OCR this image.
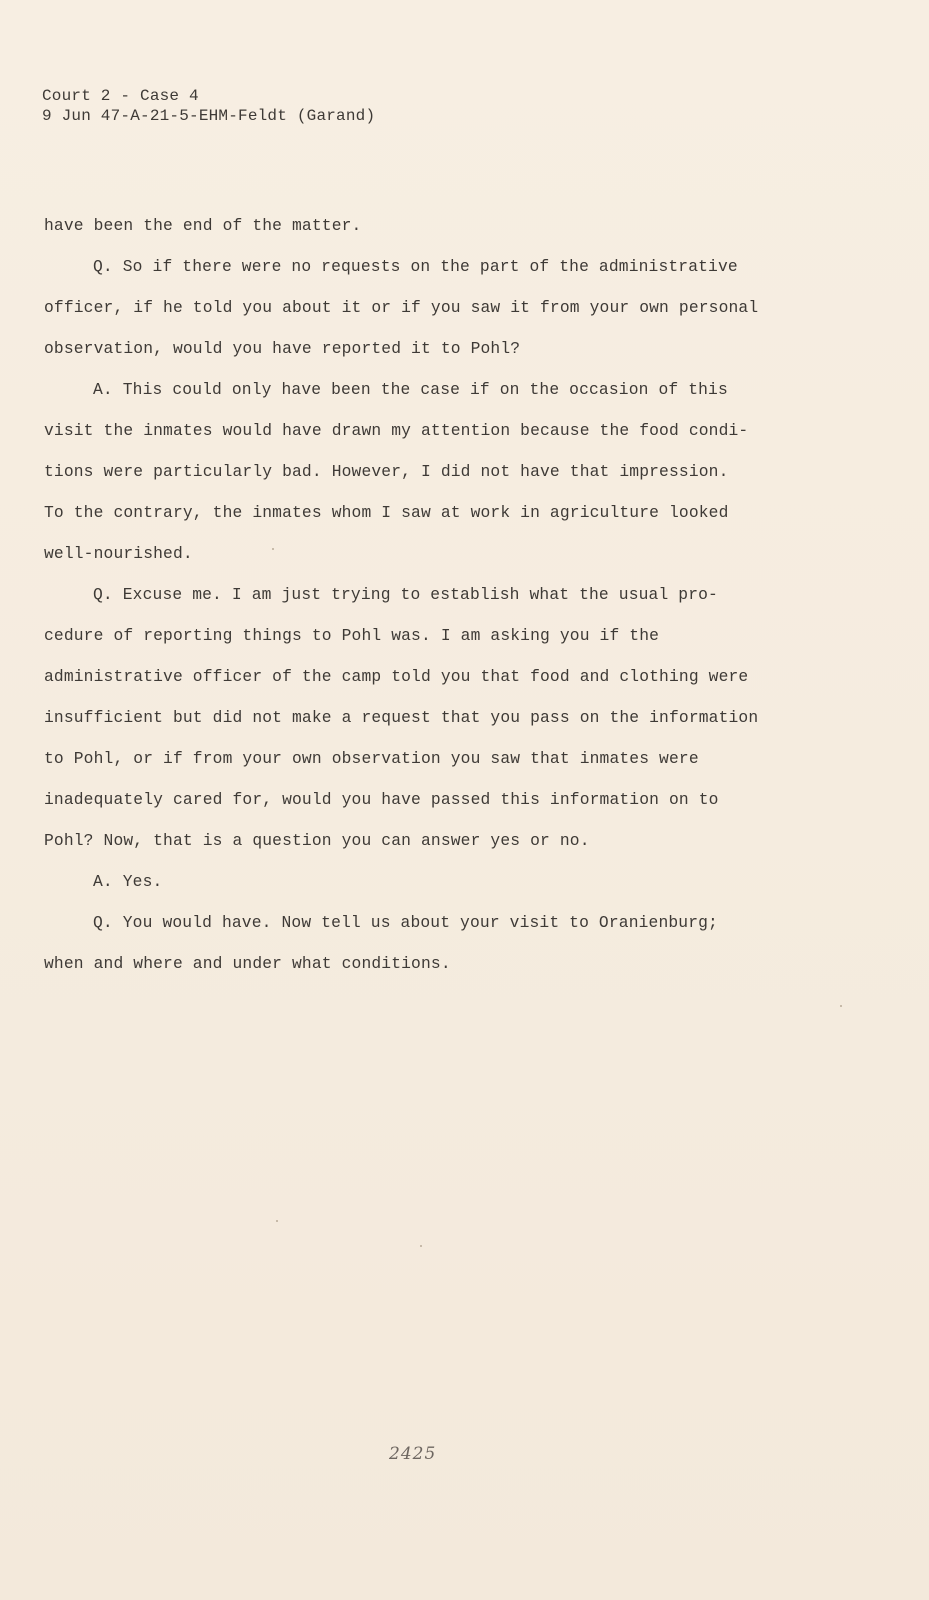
Court 2 - Case 4
9 Jun 47-A-21-5-EHM-Feldt (Garand)
have been the end of the matter.
Q. So if there were no requests on the part of the administrative
officer, if he told you about it or if you saw it from your own personal
observation, would you have reported it to Pohl?
A. This could only have been the case if on the occasion of this
visit the inmates would have drawn my attention because the food condi-
tions were particularly bad. However, I did not have that impression.
To the contrary, the inmates whom I saw at work in agriculture looked
well-nourished.
Q. Excuse me. I am just trying to establish what the usual pro-
cedure of reporting things to Pohl was. I am asking you if the
administrative officer of the camp told you that food and clothing were
insufficient but did not make a request that you pass on the information
to Pohl, or if from your own observation you saw that inmates were
inadequately cared for, would you have passed this information on to
Pohl? Now, that is a question you can answer yes or no.
A. Yes.
Q. You would have. Now tell us about your visit to Oranienburg;
when and where and under what conditions.
2425
